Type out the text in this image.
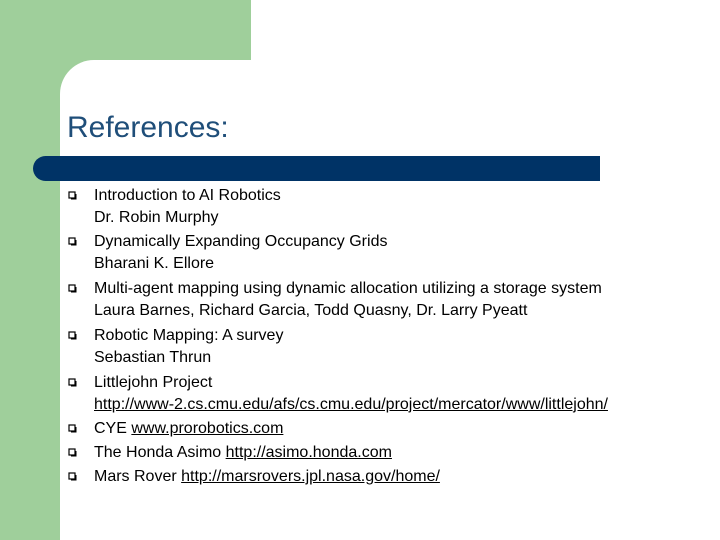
References:
Introduction to AI Robotics
Dr. Robin Murphy
Dynamically Expanding Occupancy Grids
Bharani K. Ellore
Multi-agent mapping using dynamic allocation utilizing a storage system
Laura Barnes, Richard Garcia, Todd Quasny, Dr. Larry Pyeatt
Robotic Mapping: A survey
Sebastian Thrun
Littlejohn Project
http://www-2.cs.cmu.edu/afs/cs.cmu.edu/project/mercator/www/littlejohn/
CYE www.prorobotics.com
The Honda Asimo http://asimo.honda.com
Mars Rover http://marsrovers.jpl.nasa.gov/home/
